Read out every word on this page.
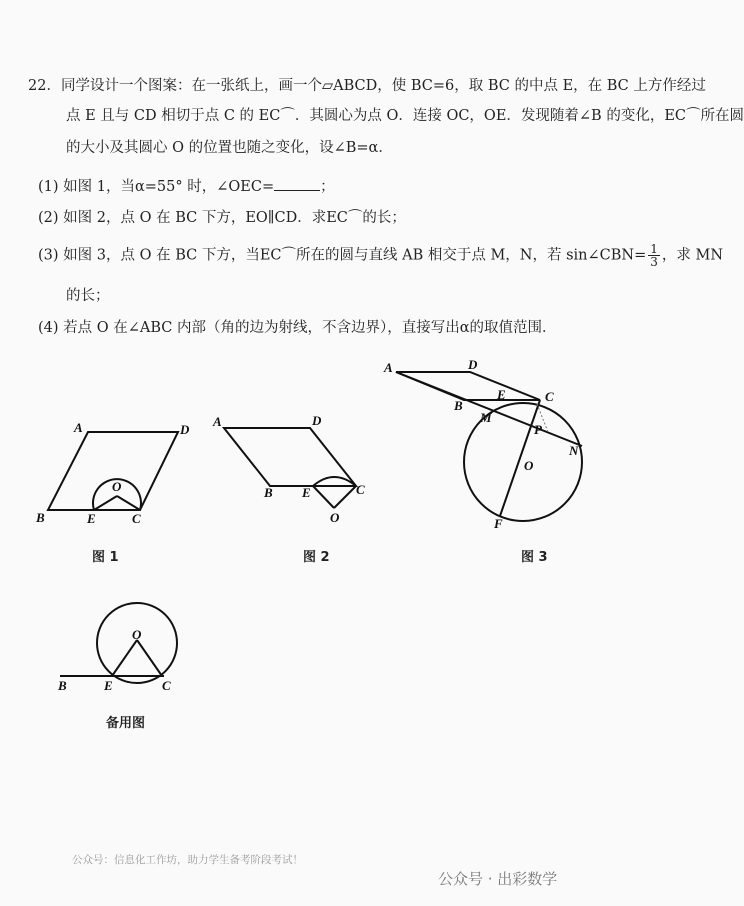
22．同学设计一个图案：在一张纸上，画一个▱ABCD，使 BC=6，取 BC 的中点 E，在 BC 上方作经过
点 E 且与 CD 相切于点 C 的 EC⌒．其圆心为点 O．连接 OC，OE．发现随着∠B 的变化，EC⌒所在圆
的大小及其圆心 O 的位置也随之变化，设∠B=α．
(1) 如图 1，当α=55° 时，∠OEC=	；
(2) 如图 2，点 O 在 BC 下方，EO∥CD．求EC⌒的长；
(3) 如图 3，点 O 在 BC 下方，当EC⌒所在的圆与直线 AB 相交于点 M，N，若 sin∠CBN= $\frac{1}{3}$ ，求 MN
的长；
(4) 若点 O 在∠ABC 内部（角的边为射线，不含边界），直接写出α的取值范围．
A	D
B	E	C
O
A	D
B E	C
O
A	D
B
E	C
M
P
N
O
F
B	E	C
O
图 1	图 2	图 3
备用图
公众号：信息化工作坊，助力学生备考阶段考试！
公众号 · 出彩数学
